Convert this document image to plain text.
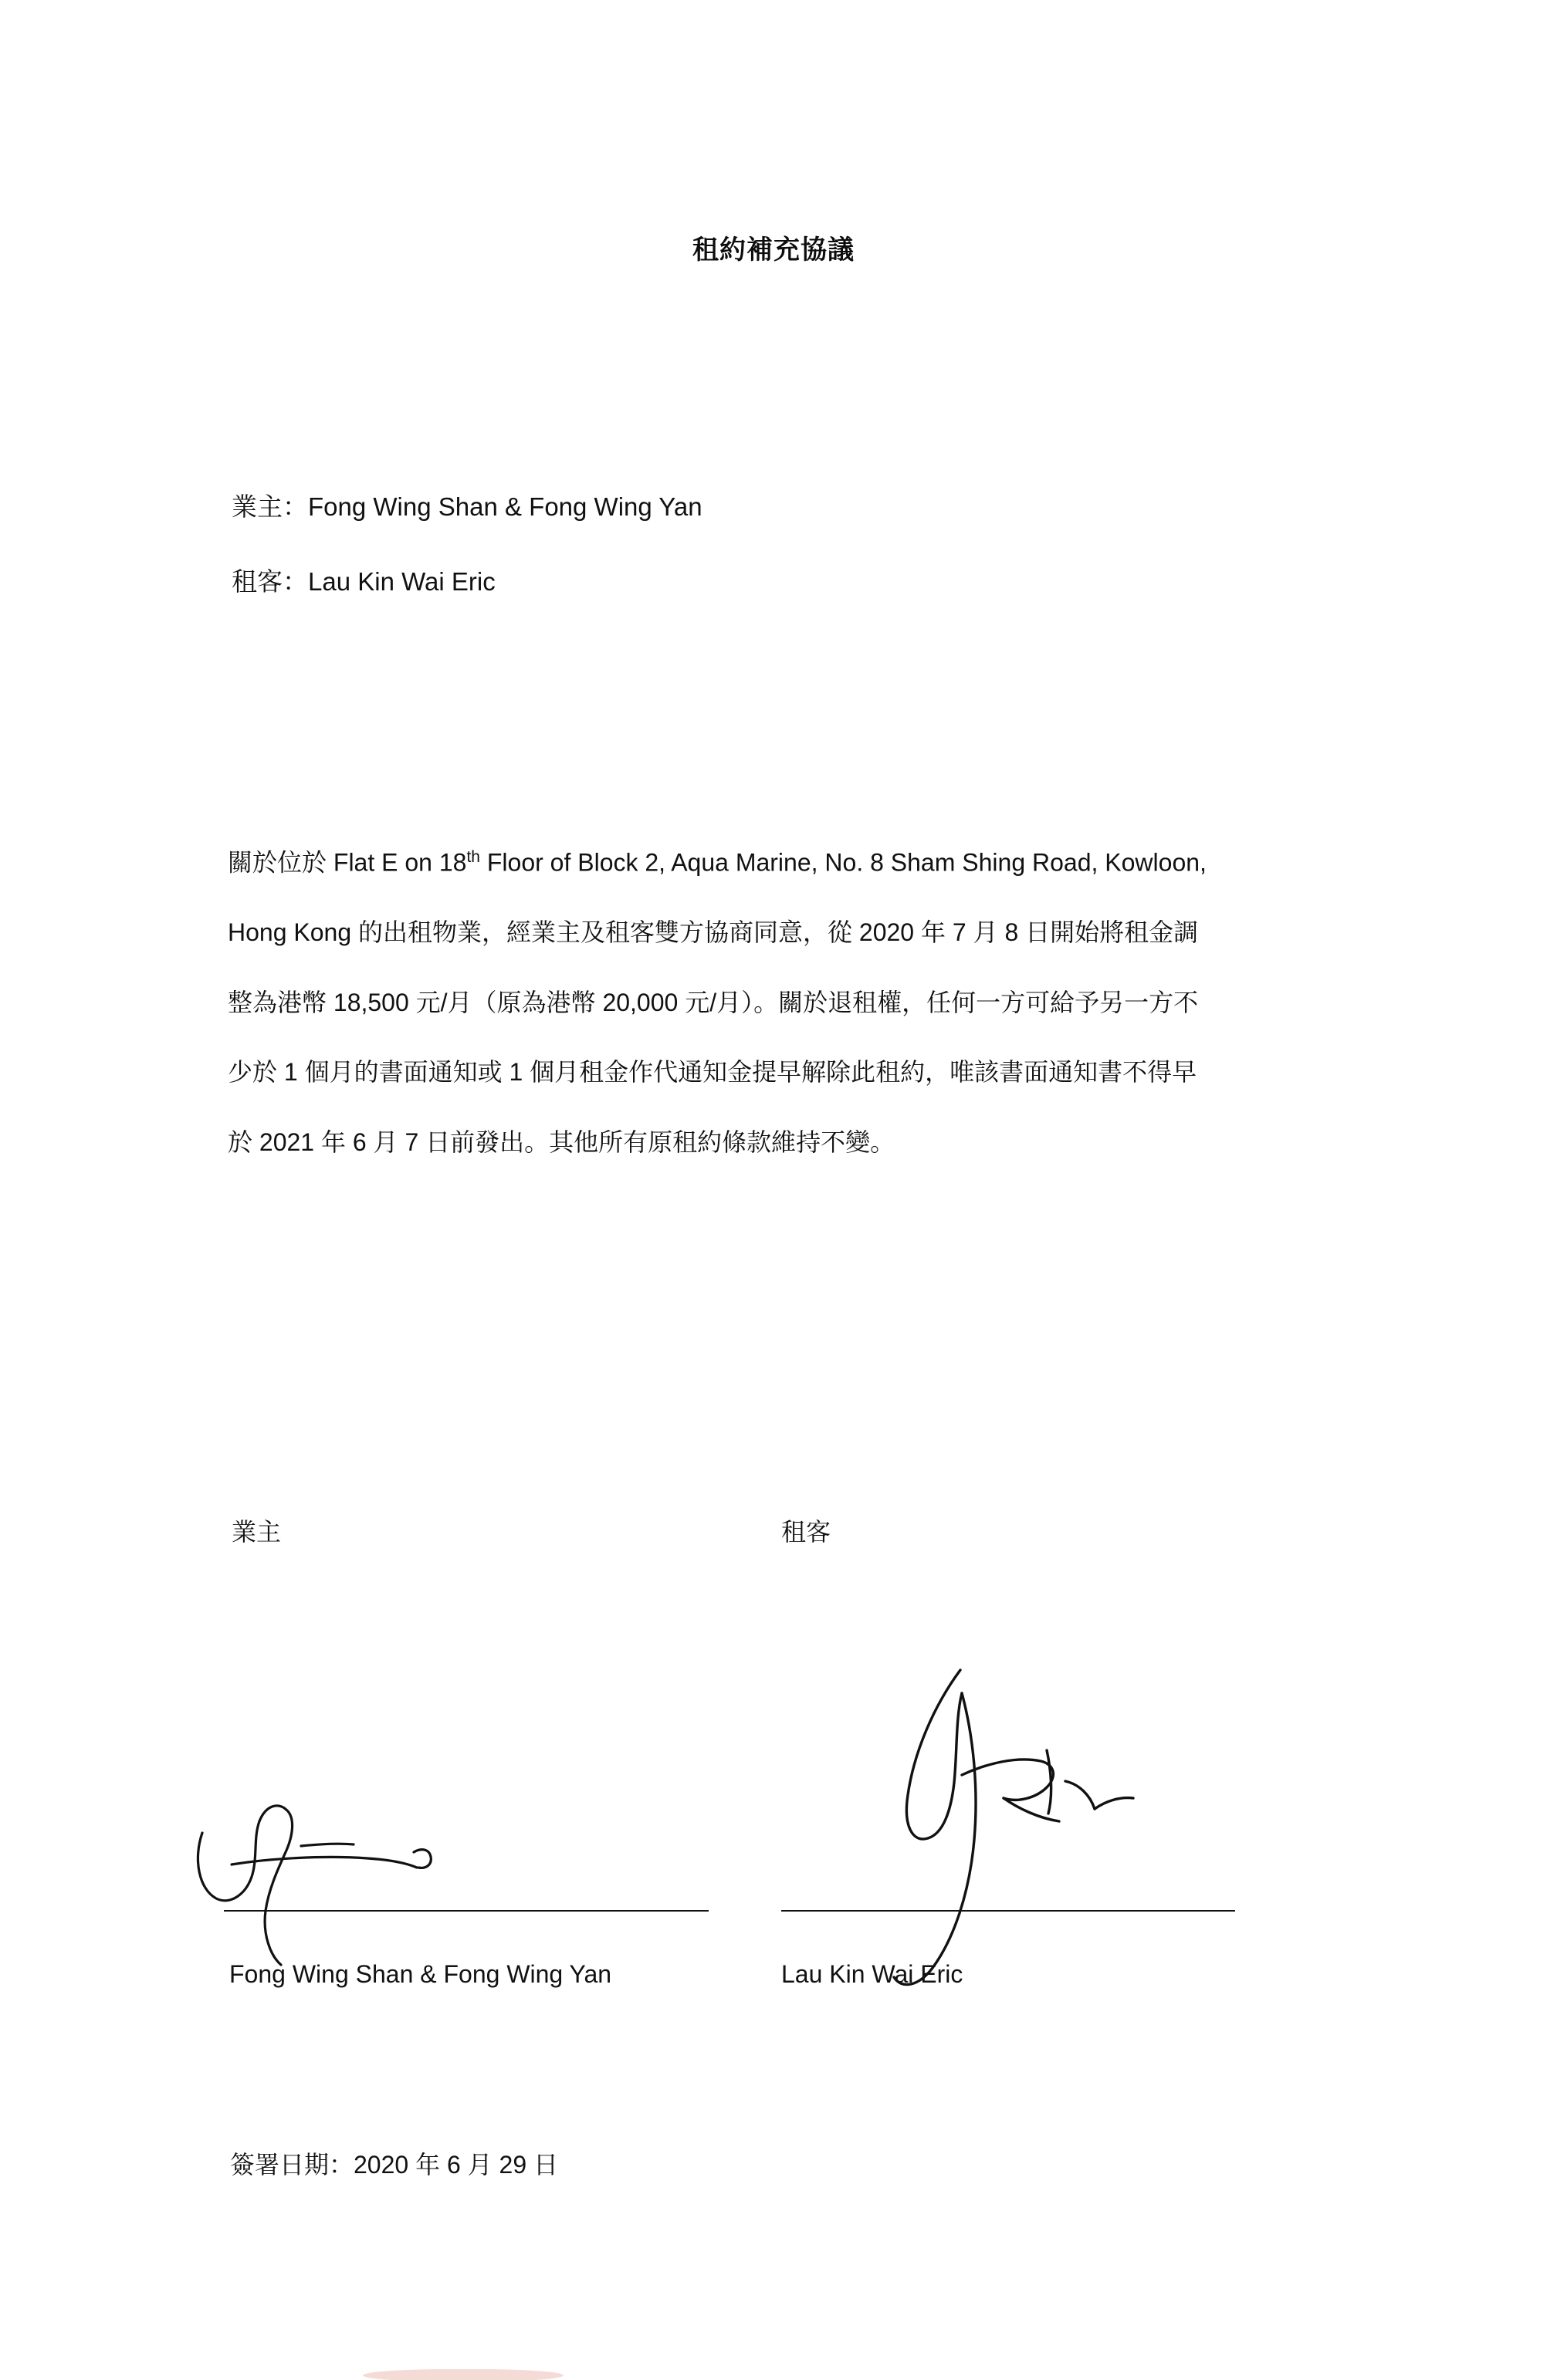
租約補充協議
業主：Fong Wing Shan & Fong Wing Yan
租客：Lau Kin Wai Eric
關於位於 Flat E on 18th Floor of Block 2, Aqua Marine, No. 8 Sham Shing Road, Kowloon,
Hong Kong 的出租物業，經業主及租客雙方協商同意，從 2020 年 7 月 8 日開始將租金調
整為港幣 18,500 元/月（原為港幣 20,000 元/月）。關於退租權，任何一方可給予另一方不
少於 1 個月的書面通知或 1 個月租金作代通知金提早解除此租約，唯該書面通知書不得早
於 2021 年 6 月 7 日前發出。其他所有原租約條款維持不變。
業主	租客
Fong Wing Shan & Fong Wing Yan	Lau Kin Wai Eric
簽署日期：2020 年 6 月 29 日
